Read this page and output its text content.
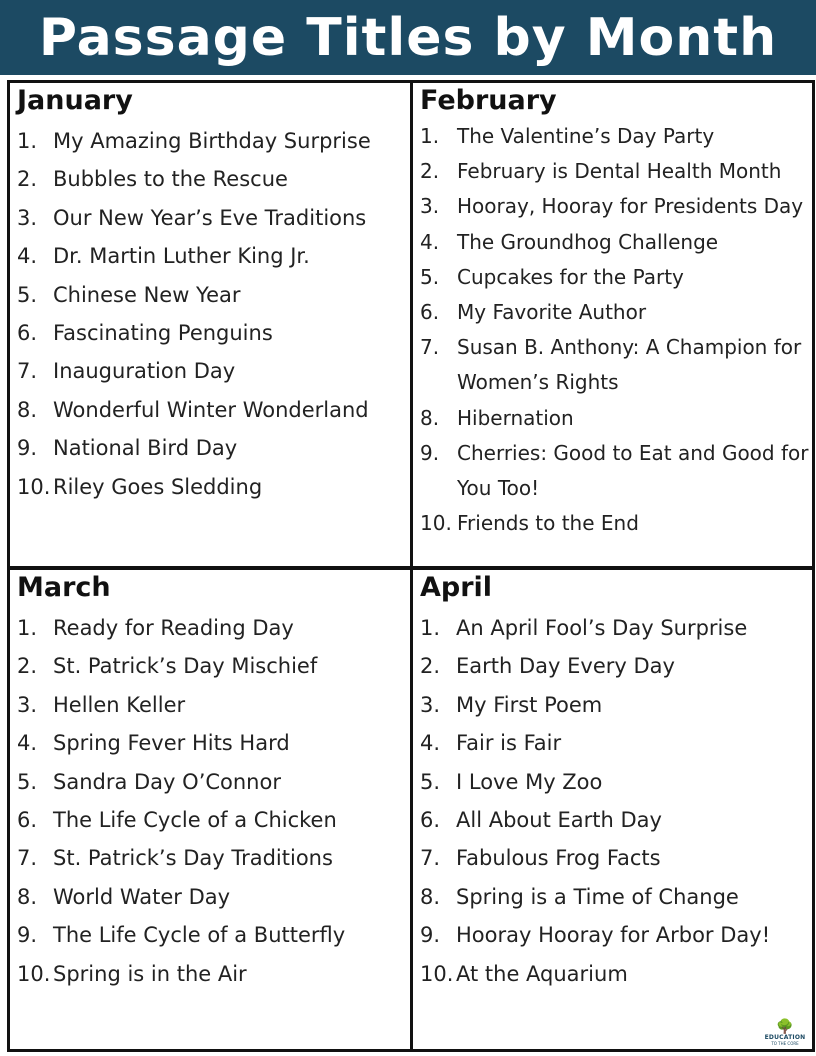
Passage Titles by Month
January
1. My Amazing Birthday Surprise
2. Bubbles to the Rescue
3. Our New Year’s Eve Traditions
4. Dr. Martin Luther King Jr.
5. Chinese New Year
6. Fascinating Penguins
7. Inauguration Day
8. Wonderful Winter Wonderland
9. National Bird Day
10. Riley Goes Sledding
February
1. The Valentine’s Day Party
2. February is Dental Health Month
3. Hooray, Hooray for Presidents Day
4. The Groundhog Challenge
5. Cupcakes for the Party
6. My Favorite Author
7. Susan B. Anthony: A Champion for Women’s Rights
8. Hibernation
9. Cherries: Good to Eat and Good for You Too!
10. Friends to the End
March
1. Ready for Reading Day
2. St. Patrick’s Day Mischief
3. Hellen Keller
4. Spring Fever Hits Hard
5. Sandra Day O’Connor
6. The Life Cycle of a Chicken
7. St. Patrick’s Day Traditions
8. World Water Day
9. The Life Cycle of a Butterfly
10. Spring is in the Air
April
1. An April Fool’s Day Surprise
2. Earth Day Every Day
3. My First Poem
4. Fair is Fair
5. I Love My Zoo
6. All About Earth Day
7. Fabulous Frog Facts
8. Spring is a Time of Change
9. Hooray Hooray for Arbor Day!
10. At the Aquarium
🌳
EDUCATION
TO THE CORE
